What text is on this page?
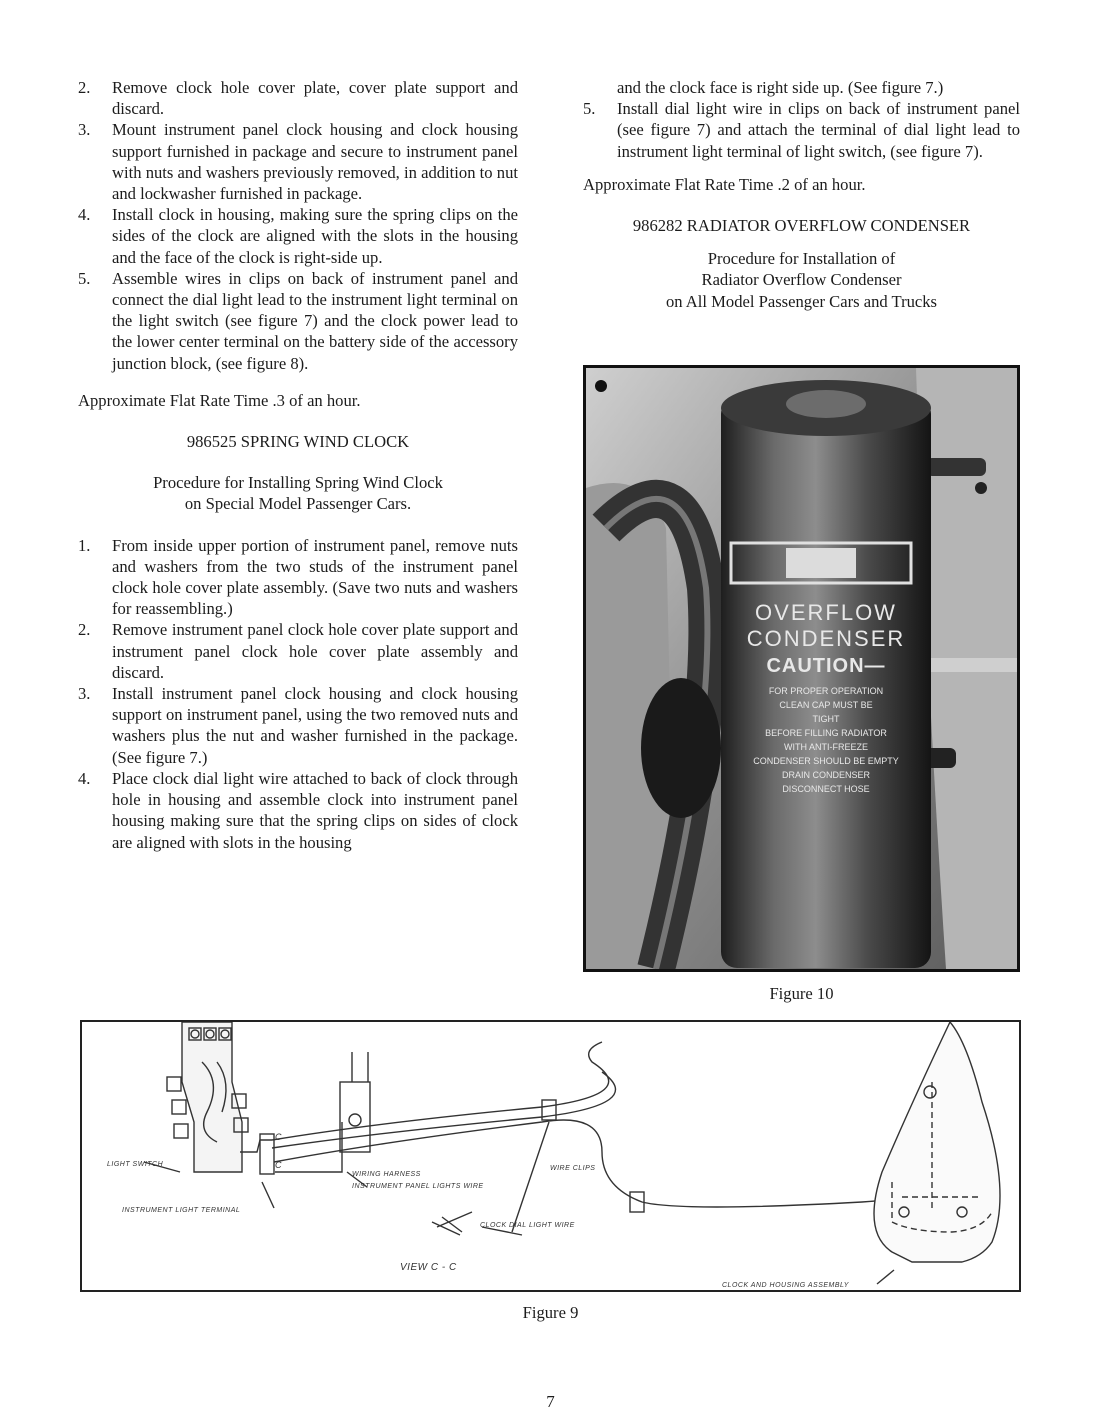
2.	Remove clock hole cover plate, cover plate support and discard.
3.	Mount instrument panel clock housing and clock housing support furnished in package and secure to instrument panel with nuts and washers previously removed, in addition to nut and lockwasher furnished in package.
4.	Install clock in housing, making sure the spring clips on the sides of the clock are aligned with the slots in the housing and the face of the clock is right-side up.
5.	Assemble wires in clips on back of instrument panel and connect the dial light lead to the instrument light terminal on the light switch (see figure 7) and the clock power lead to the lower center terminal on the battery side of the accessory junction block, (see figure 8).

Approximate Flat Rate Time .3 of an hour.

986525 SPRING WIND CLOCK

Procedure for Installing Spring Wind Clock

on Special Model Passenger Cars.

1.	From inside upper portion of instrument panel, remove nuts and washers from the two studs of the instrument panel clock hole cover plate assembly. (Save two nuts and washers for reassembling.)
2.	Remove instrument panel clock hole cover plate support and instrument panel clock hole cover plate assembly and discard.
3.	Install instrument panel clock housing and clock housing support on instrument panel, using the two removed nuts and washers plus the nut and washer furnished in the package. (See figure 7.)
4.	Place clock dial light wire attached to back of clock through hole in housing and assemble clock into instrument panel housing making sure that the spring clips on sides of clock are aligned with slots in the housing

and the clock face is right side up. (See figure 7.)

5.	Install dial light wire in clips on back of instrument panel (see figure 7) and attach the terminal of dial light lead to instrument light terminal of light switch, (see figure 7).

Approximate Flat Rate Time .2 of an hour.

986282 RADIATOR OVERFLOW CONDENSER

Procedure for Installation of

Radiator Overflow Condenser

on All Model Passenger Cars and Trucks

OVERFLOW
CONDENSER
CAUTION—
FOR PROPER OPERATION
CLEAN CAP MUST BE
TIGHT
BEFORE FILLING RADIATOR
WITH ANTI-FREEZE
CONDENSER SHOULD BE EMPTY
DRAIN CONDENSER
DISCONNECT HOSE
Figure 10
LIGHT SWITCH
INSTRUMENT LIGHT TERMINAL
WIRING HARNESS
INSTRUMENT PANEL LIGHTS WIRE
WIRE CLIPS
CLOCK DIAL LIGHT WIRE
VIEW C - C
CLOCK AND HOUSING ASSEMBLY
C
C
Figure 9
7
